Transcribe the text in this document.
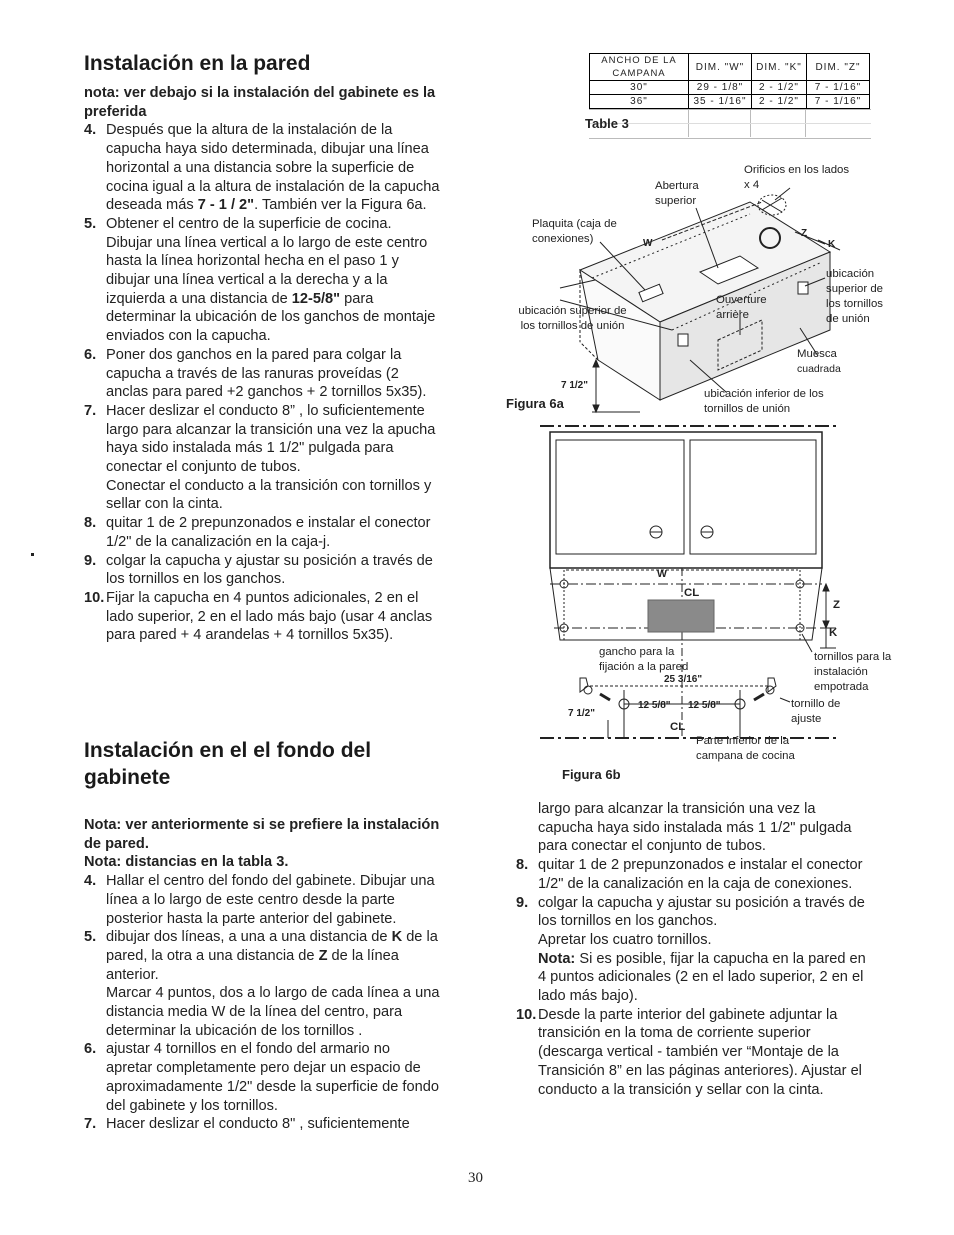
Instalación en la pared
nota: ver debajo si la instalación del gabinete es la preferida
4. Después que la altura de la instalación de la capucha haya sido determinada, dibujar una línea horizontal a una distancia sobre la superficie de cocina igual a la altura de instalación de la capucha deseada más 7 - 1 / 2". También ver la Figura 6a.
5. Obtener el centro de la superficie de cocina. Dibujar una línea vertical a lo largo de este centro hasta la línea horizontal hecha en el paso 1 y dibujar una línea vertical a la derecha y a la izquierda a una distancia de 12-5/8" para determinar la ubicación de los ganchos de montaje enviados con la capucha.
6. Poner dos ganchos en la pared para colgar la capucha a través de las ranuras proveídas (2 anclas para pared +2 ganchos + 2 tornillos 5x35).
7. Hacer deslizar el conducto 8” , lo suficientemente largo para alcanzar la transición una vez la apucha haya sido instalada más 1 1/2" pulgada para conectar el conjunto de tubos.
Conectar el conducto a la transición con tornillos y sellar con la cinta.
8. quitar 1 de 2 prepunzonados e instalar el conector 1/2" de la canalización en la caja-j.
9. colgar la capucha y ajustar su posición a través de los tornillos en los ganchos.
10. Fijar la capucha en 4 puntos adicionales, 2 en el lado superior, 2 en el lado más bajo (usar 4 anclas para pared + 4 arandelas + 4 tornillos 5x35).
Instalación en el el fondo del gabinete
Nota: ver anteriormente si se prefiere la instalación de pared.
Nota: distancias en la tabla 3.
4. Hallar el centro del fondo del gabinete. Dibujar una línea a lo largo de este centro desde la parte posterior hasta la parte anterior del gabinete.
5. dibujar dos líneas, a una a una distancia de K de la pared, la otra a una distancia de Z de la línea anterior.
Marcar 4 puntos, dos a lo largo de cada línea a una distancia media W de la línea del centro, para determinar la ubicación de los tornillos .
6. ajustar 4 tornillos en el fondo del armario no apretar completamente pero dejar un espacio de aproximadamente 1/2" desde la superficie de fondo del gabinete y los tornillos.
7. Hacer deslizar el conducto 8" , suficientemente
largo para alcanzar la transición una vez la capucha haya sido instalada más 1 1/2" pulgada para conectar el conjunto de tubos.
8. quitar 1 de 2 prepunzonados e instalar el conector 1/2" de la canalización en la caja de conexiones.
9. colgar la capucha y ajustar su posición a través de los tornillos en los ganchos.
Apretar los cuatro tornillos.
Nota: Si es posible, fijar la capucha en la pared en 4 puntos adicionales (2 en el lado superior, 2 en el lado más bajo).
10. Desde la parte interior del gabinete adjuntar la transición en la toma de corriente superior (descarga vertical - también ver “Montaje de la Transición 8” en las páginas anteriores). Ajustar el conducto a la transición y sellar con la cinta.
ANCHO DE LA CAMPANA	DIM. "W"	DIM. "K"	DIM. "Z"
30"	29 - 1/8"	2 - 1/2"	7 - 1/16"
36"	35 - 1/16"	2 - 1/2"	7 - 1/16"
Table 3
Orificios en los lados x 4
Abertura superior
Plaquita (caja de conexiones)	W
Z
K
ubicación superior de los tornillos de unión
ubicación superior de los tornillos de unión
Ouverture arrière
Muesca
cuadrada
7 1/2"
ubicación inferior de los tornillos de unión
Figura 6a
W
CL
Z
K
gancho para la fijación a la pared
tornillos para la instalación empotrada
25 3/16"
12 5/8" 12 5/8"
7 1/2"
tornillo de ajuste
CL
Parte inferior de la campana de cocina
Figura 6b
30
